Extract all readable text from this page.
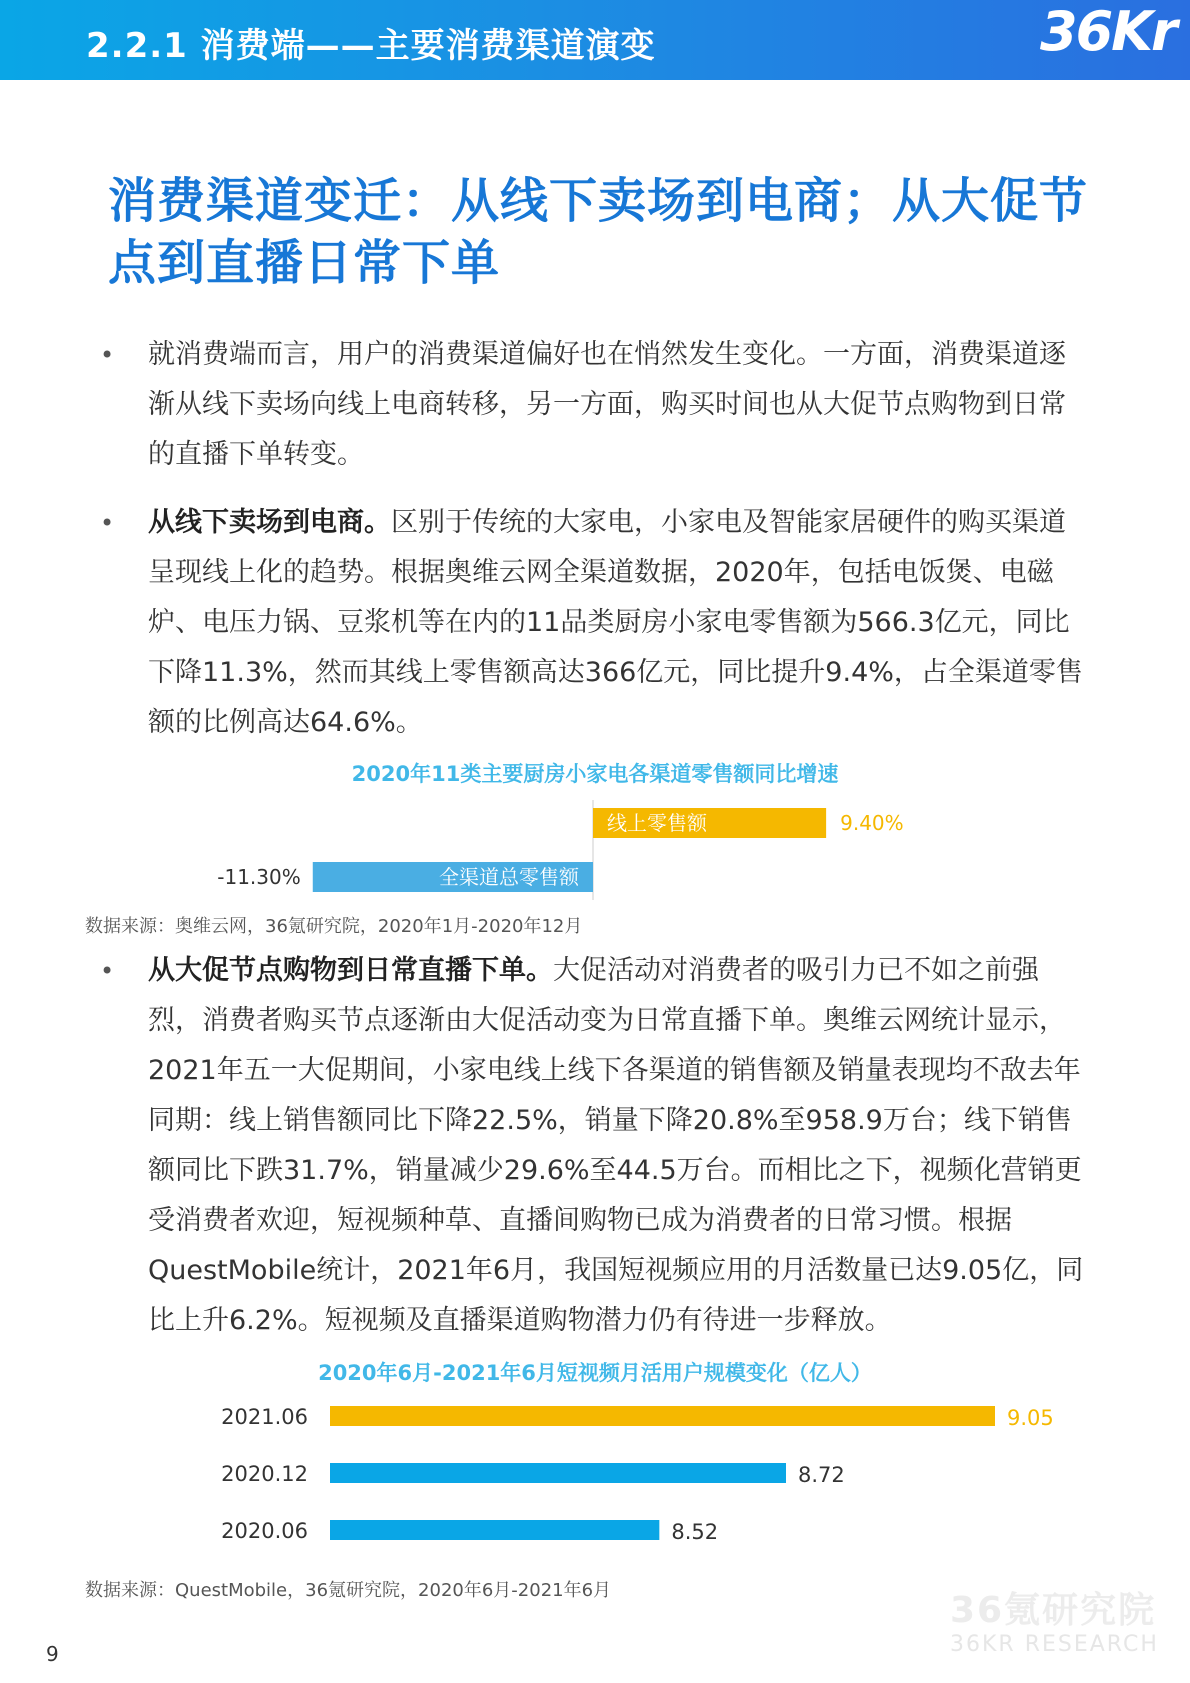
2.2.1 消费端——主要消费渠道演变	36Kr
消费渠道变迁：从线下卖场到电商；从大促节点到直播日常下单
• 就消费端而言，用户的消费渠道偏好也在悄然发生变化。一方面，消费渠道逐渐从线下卖场向线上电商转移，另一方面，购买时间也从大促节点购物到日常的直播下单转变。
• 从线下卖场到电商。区别于传统的大家电，小家电及智能家居硬件的购买渠道呈现线上化的趋势。根据奥维云网全渠道数据，2020年，包括电饭煲、电磁炉、电压力锅、豆浆机等在内的11品类厨房小家电零售额为566.3亿元，同比下降11.3%，然而其线上零售额高达366亿元，同比提升9.4%，占全渠道零售额的比例高达64.6%。
2020年11类主要厨房小家电各渠道零售额同比增速
线上零售额	9.40%
全渠道总零售额
-11.30%
数据来源：奥维云网，36氪研究院，2020年1月-2020年12月
• 从大促节点购物到日常直播下单。大促活动对消费者的吸引力已不如之前强烈，消费者购买节点逐渐由大促活动变为日常直播下单。奥维云网统计显示，2021年五一大促期间，小家电线上线下各渠道的销售额及销量表现均不敌去年同期：线上销售额同比下降22.5%，销量下降20.8%至958.9万台；线下销售额同比下跌31.7%，销量减少29.6%至44.5万台。而相比之下，视频化营销更受消费者欢迎，短视频种草、直播间购物已成为消费者的日常习惯。根据QuestMobile统计，2021年6月，我国短视频应用的月活数量已达9.05亿，同比上升6.2%。短视频及直播渠道购物潜力仍有待进一步释放。
2020年6月-2021年6月短视频月活用户规模变化（亿人）
2021.06	9.05
2020.12	8.72
2020.06	8.52
数据来源：QuestMobile，36氪研究院，2020年6月-2021年6月
9
36氪研究院
36KR RESEARCH
